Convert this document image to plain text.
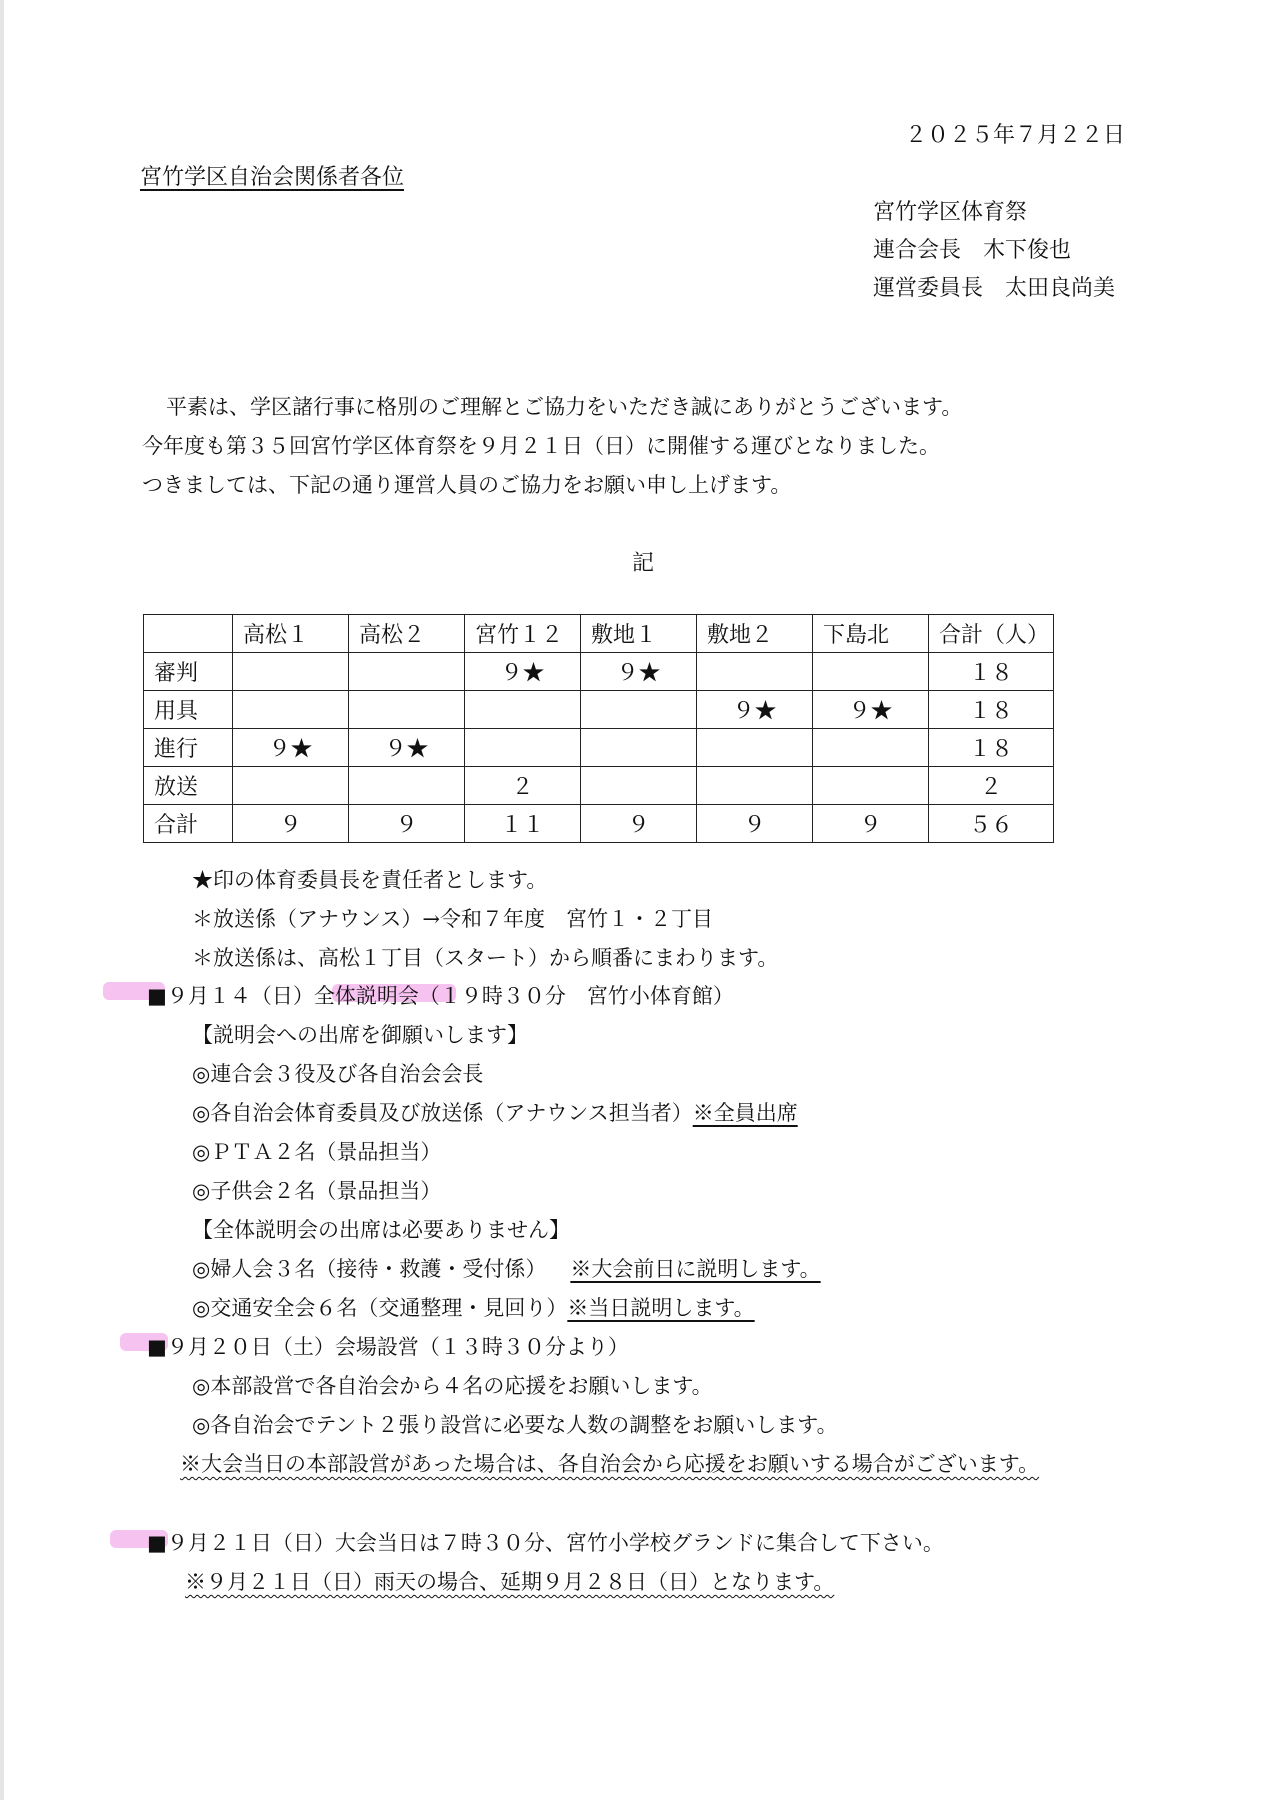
２０２５年７月２２日
宮竹学区自治会関係者各位
宮竹学区体育祭
連合会長　木下俊也
運営委員長　太田良尚美
平素は、学区諸行事に格別のご理解とご協力をいただき誠にありがとうございます。
今年度も第３５回宮竹学区体育祭を９月２１日（日）に開催する運びとなりました。
つきましては、下記の通り運営人員のご協力をお願い申し上げます。
記
	高松１	高松２	宮竹１２	敷地１	敷地２	下島北	合計（人）
審判			９★	９★			１８
用具					９★	９★	１８
進行	９★	９★					１８
放送			２				２
合計	９	９	１１	９	９	９	５６
★印の体育委員長を責任者とします。
＊放送係（アナウンス）→令和７年度　宮竹１・２丁目
＊放送係は、高松１丁目（スタート）から順番にまわります。
■９月１４（日）全体説明会（１９時３０分　宮竹小体育館）
【説明会への出席を御願いします】
◎連合会３役及び各自治会会長
◎各自治会体育委員及び放送係（アナウンス担当者）※全員出席
◎ＰＴＡ２名（景品担当）
◎子供会２名（景品担当）
【全体説明会の出席は必要ありません】
◎婦人会３名（接待・救護・受付係） ※大会前日に説明します。
◎交通安全会６名（交通整理・見回り）※当日説明します。
■９月２０日（土）会場設営（１３時３０分より）
◎本部設営で各自治会から４名の応援をお願いします。
◎各自治会でテント２張り設営に必要な人数の調整をお願いします。
※大会当日の本部設営があった場合は、各自治会から応援をお願いする場合がございます。
■９月２１日（日）大会当日は７時３０分、宮竹小学校グランドに集合して下さい。
※９月２１日（日）雨天の場合、延期９月２８日（日）となります。
